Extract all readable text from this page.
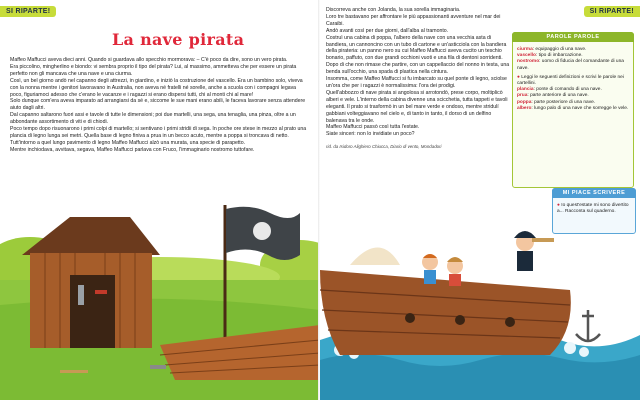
SI RIPARTE!
La nave pirata

Maffeo Maffucci aveva dieci anni. Quando si guardava allo specchio mormorava: – C'è poco da dire, sono un vero pirata.

Era piccolino, mingherlino e biondo: vi sembra proprio il tipo del pirata? Lui, al massimo, ammetteva che per essere un pirata perfetto non gli mancava che una nave e una ciurma.

Così, un bel giorno andò nel capanno degli attrezzi, in giardino, e iniziò la costruzione del vascello. Era un bambino solo, viveva con la nonna mentre i genitori lavoravano in Australia, non aveva né fratelli né sorelle, anche a scuola con i compagni legava poco, figuriamoci adesso che c'erano le vacanze e i ragazzi si erano dispersi tutti, chi al monti chi al mare!

Solo dunque com'era aveva imparato ad arrangiarsi da sé e, siccome le sue mani erano abili, le faceva lavorare senza attendere aiuto dagli altri.

Dal capanno saltarono fuori assi e tavole di tutte le dimensioni; poi due martelli, una sega, una tenaglia, una pinza, oltre a un abbondante assortimento di viti e di chiodi.

Poco tempo dopo risuonarono i primi colpi di martello; si sentivano i primi stridii di sega. In poche ore stese in mezzo al prato una plancia di legno lunga sei metri. Quella base di legno finiva a prua in un becco acuto, mentre a poppa si troncava di netto. Tutt'intorno a quel lungo pavimento di legno Maffeo Maffucci alzò una murata, una specie di parapetto.

Mentre inchiodava, avvitava, segava, Maffeo Maffucci parlava con Fruco, l'immaginario nostromo tuttofare.

SI RIPARTE!

Discorreva anche con Jolanda, la sua sorella immaginaria.

Loro tre bastavano per affrontare le più appassionanti avventure nel mar dei Caraibi.

Andò avanti così per due giorni, dall'alba al tramonto.

Costruì una cabina di poppa, l'albero della nave con una vecchia asta di bandiera, un cannoncino con un tubo di cartone e un'asticciola con la bandiera della pirateria: un panno nero su cui Maffeo Maffucci aveva cucito un teschio bonario, paffuto, con due grandi occhioni vuoti e una fila di dentoni sorridenti.

Dopo di che non rimase che partire, con un cappellaccio del nonno in testa, una benda sull'occhio, una spada di plastica nella cintura.

Insomma, come Maffeo Maffucci si fu imbarcato su quel ponte di legno, sciolse un'ora che per i ragazzi è normalissima: l'ora dei prodigi.

Quell'abbozzo di nave pirata si angolosa si arrotondò, prese corpo, moltiplicò alberi e vele. L'interno della cabina divenne una scicchetia, tutta tappeti e tavoli eleganti. Il prato si trasformò in un bel mare verde e ondoso, mentre stridulí gabbiani volteggiavano nel cielo e, di tanto in tanto, il dorso di un delfino balenava tra le onde.

Maffeo Maffucci passò così tutta l'estate.

Siate sinceri: non lo invidiate un poco?

rid. da Isidoro Alighiero Chiucca, Diario di vento, Mondadori

PAROLE PAROLE
ciurma: equipaggio di una nave.
vascello: tipo di imbarcazione.
nostromo: uomo di fiducia del comandante di una nave.
● Leggi le seguenti definizioni e scrivi le parole nei cartellini.
plancia: ponte di comando di una nave.
prua: parte anteriore di una nave.
poppa: parte posteriore di una nave.
albero: lungo palo di una nave che sorregge le vele.
MI PIACE SCRIVERE
● Io quest'estate mi sono divertito a... Racconta sul quaderno.
